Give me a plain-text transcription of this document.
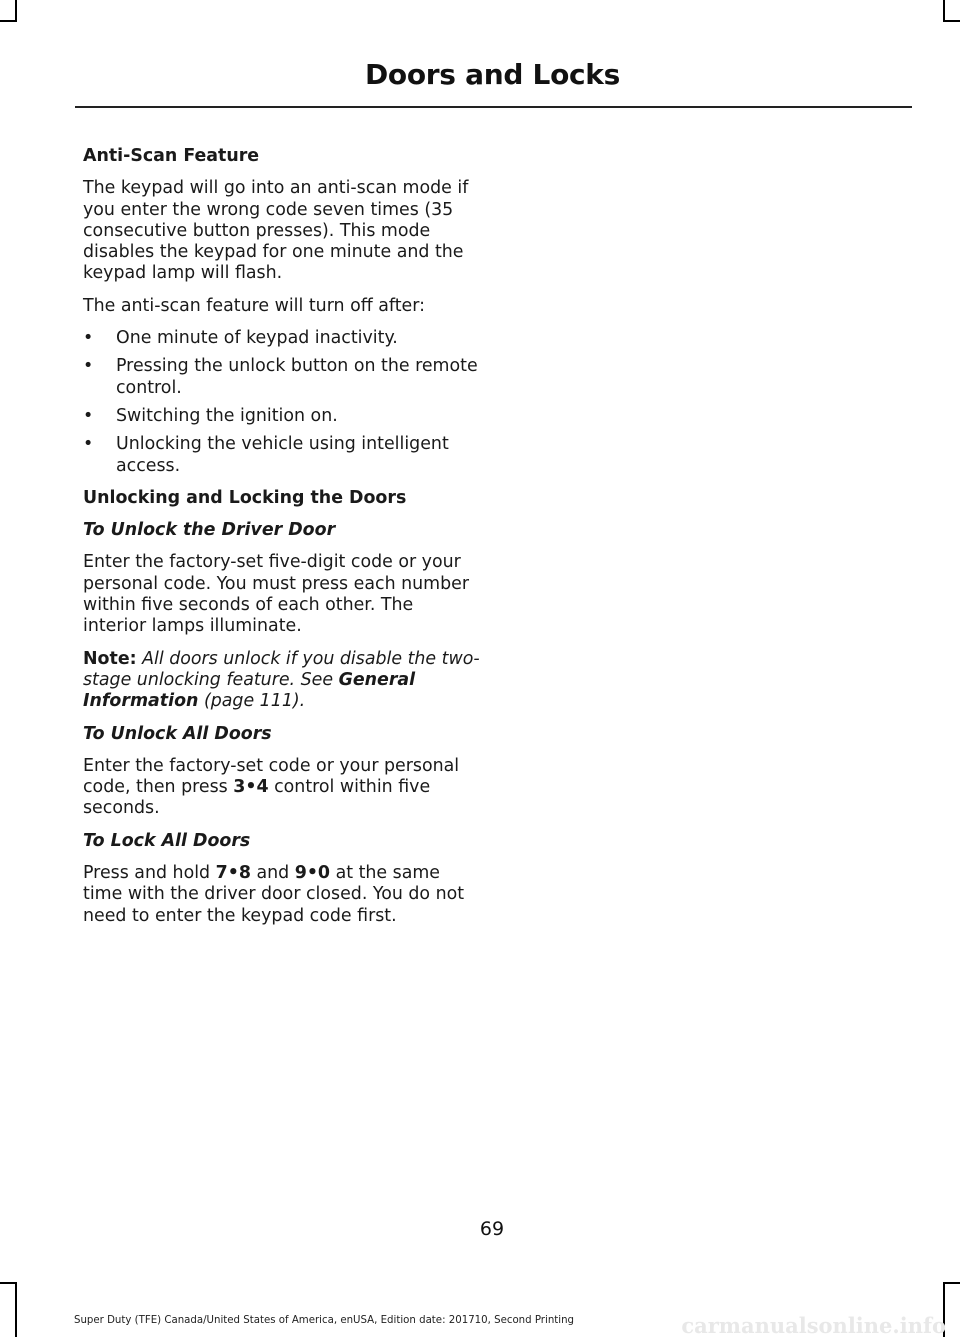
Doors and Locks
Anti-Scan Feature

The keypad will go into an anti-scan mode if you enter the wrong code seven times (35 consecutive button presses). This mode disables the keypad for one minute and the keypad lamp will flash.

The anti-scan feature will turn off after:

• One minute of keypad inactivity.
• Pressing the unlock button on the remote control.
• Switching the ignition on.
• Unlocking the vehicle using intelligent access.
Unlocking and Locking the Doors
To Unlock the Driver Door

Enter the factory-set five-digit code or your personal code. You must press each number within five seconds of each other. The interior lamps illuminate.

Note: All doors unlock if you disable the two-stage unlocking feature. See General Information (page 111).

To Unlock All Doors

Enter the factory-set code or your personal code, then press 3•4 control within five seconds.

To Lock All Doors

Press and hold 7•8 and 9•0 at the same time with the driver door closed. You do not need to enter the keypad code first.

69
Super Duty (TFE) Canada/United States of America, enUSA, Edition date: 201710, Second Printing	carmanualsonline.info
